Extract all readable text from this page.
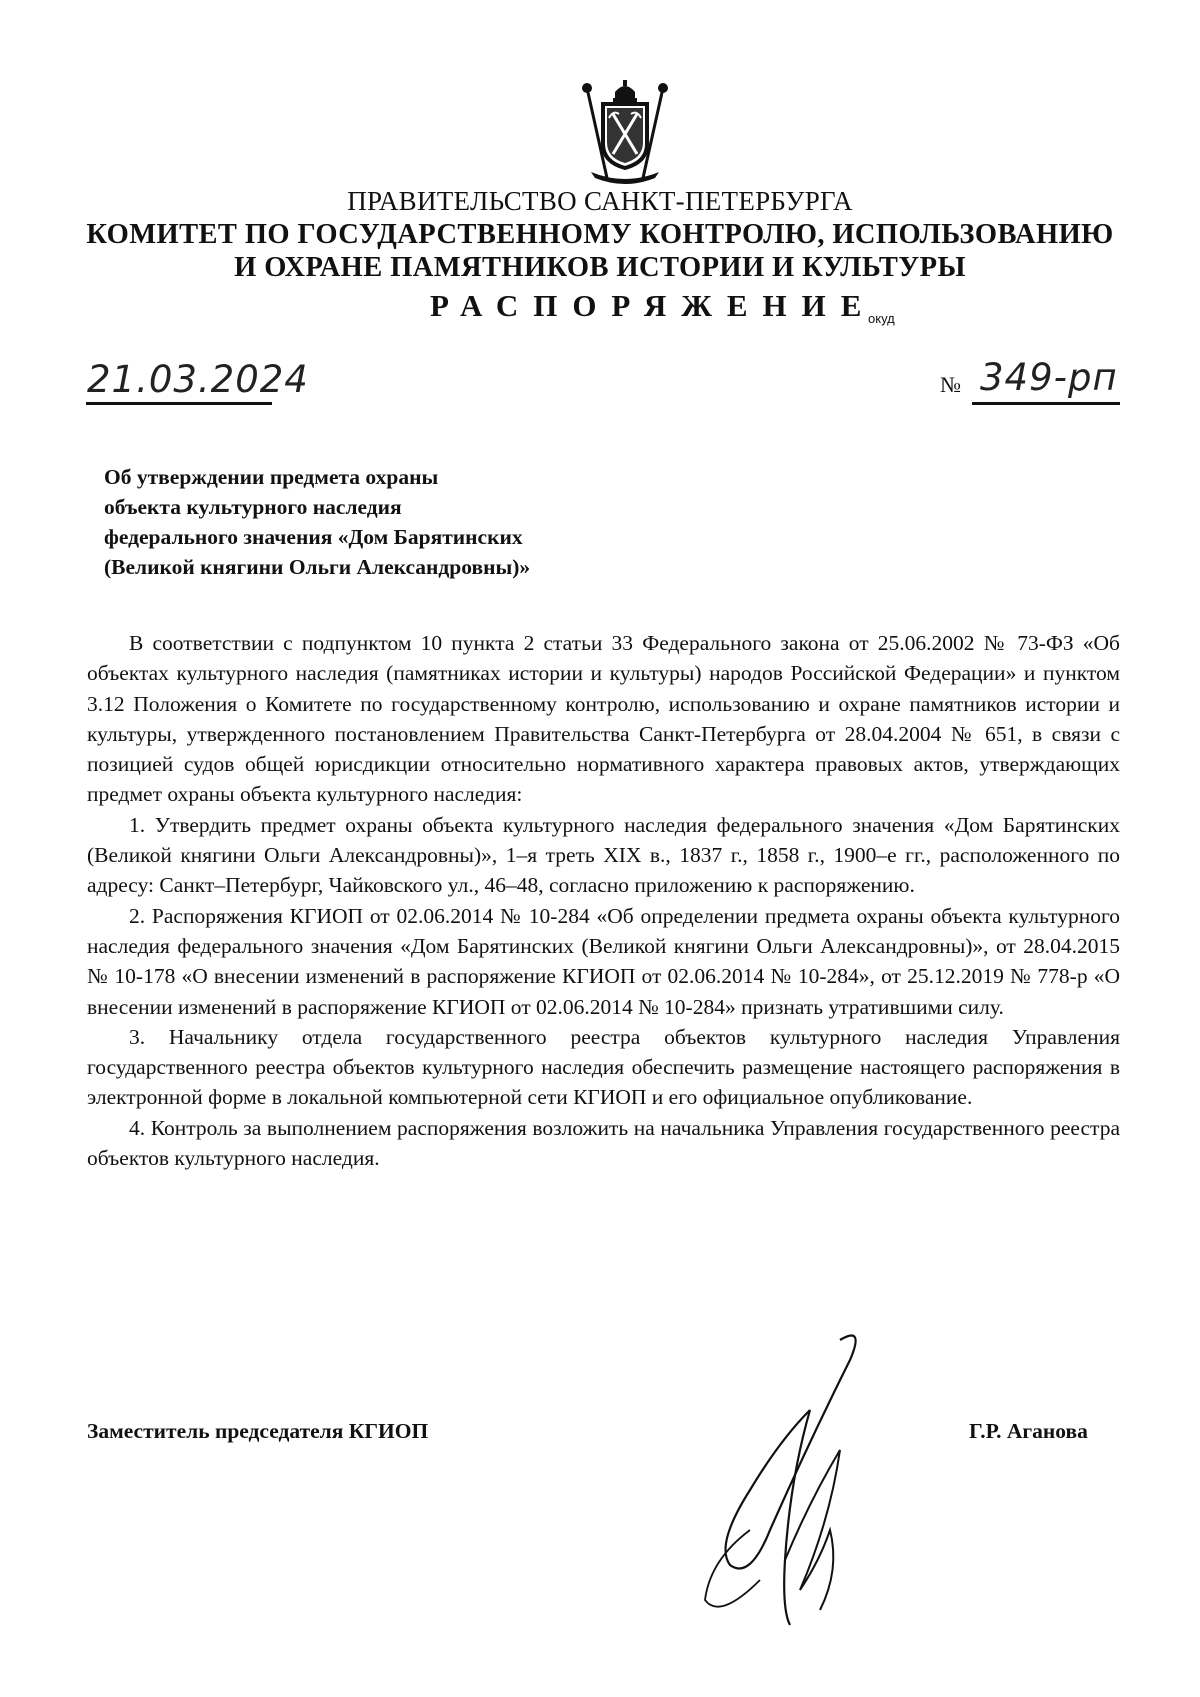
ПРАВИТЕЛЬСТВО САНКТ-ПЕТЕРБУРГА
КОМИТЕТ ПО ГОСУДАРСТВЕННОМУ КОНТРОЛЮ, ИСПОЛЬЗОВАНИЮ
И ОХРАНЕ ПАМЯТНИКОВ ИСТОРИИ И КУЛЬТУРЫ
РАСПОРЯЖЕНИЕ
окуд
21.03.2024	№ 349-рп
Об утверждении предмета охраны
объекта культурного наследия
федерального значения «Дом Барятинских
(Великой княгини Ольги Александровны)»

В соответствии с подпунктом 10 пункта 2 статьи 33 Федерального закона от 25.06.2002 № 73-ФЗ «Об объектах культурного наследия (памятниках истории и культуры) народов Российской Федерации» и пунктом 3.12 Положения о Комитете по государственному контролю, использованию и охране памятников истории и культуры, утвержденного постановлением Правительства Санкт-Петербурга от 28.04.2004 № 651, в связи с позицией судов общей юрисдикции относительно нормативного характера правовых актов, утверждающих предмет охраны объекта культурного наследия:

1. Утвердить предмет охраны объекта культурного наследия федерального значения «Дом Барятинских (Великой княгини Ольги Александровны)», 1–я треть XIX в., 1837 г., 1858 г., 1900–е гг., расположенного по адресу: Санкт–Петербург, Чайковского ул., 46–48, согласно приложению к распоряжению.

2. Распоряжения КГИОП от 02.06.2014 № 10-284 «Об определении предмета охраны объекта культурного наследия федерального значения «Дом Барятинских (Великой княгини Ольги Александровны)», от 28.04.2015 № 10-178 «О внесении изменений в распоряжение КГИОП от 02.06.2014 № 10-284», от 25.12.2019 № 778-р «О внесении изменений в распоряжение КГИОП от 02.06.2014 № 10-284» признать утратившими силу.

3. Начальнику отдела государственного реестра объектов культурного наследия Управления государственного реестра объектов культурного наследия обеспечить размещение настоящего распоряжения в электронной форме в локальной компьютерной сети КГИОП и его официальное опубликование.

4. Контроль за выполнением распоряжения возложить на начальника Управления государственного реестра объектов культурного наследия.

Заместитель председателя КГИОП	Г.Р. Аганова
